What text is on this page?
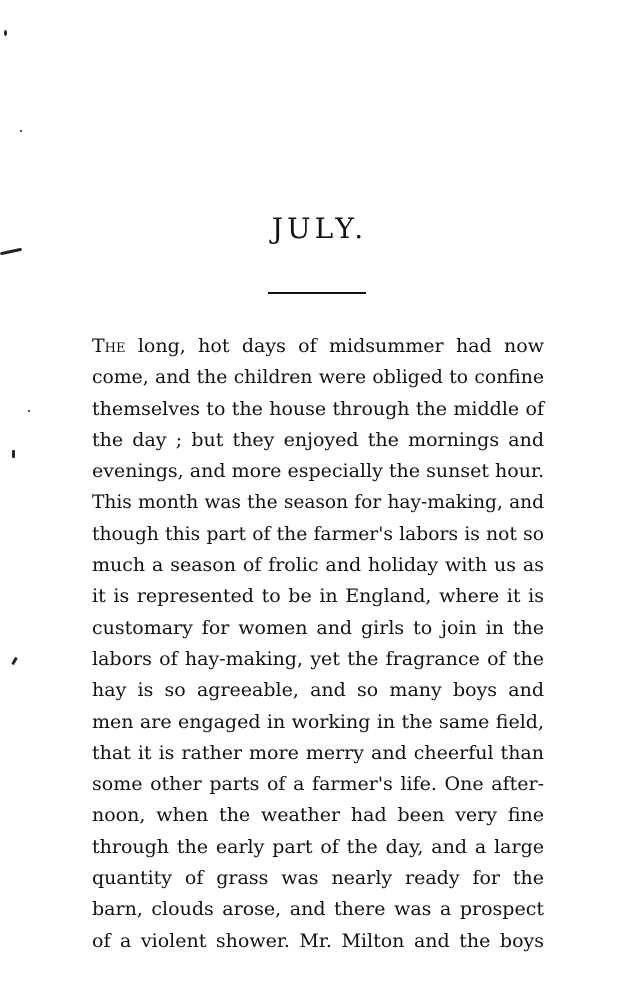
JULY.
The long, hot days of midsummer had now
come, and the children were obliged to confine
themselves to the house through the middle of
the day ; but they enjoyed the mornings and
evenings, and more especially the sunset hour.
This month was the season for hay-making, and
though this part of the farmer's labors is not so
much a season of frolic and holiday with us as
it is represented to be in England, where it is
customary for women and girls to join in the
labors of hay-making, yet the fragrance of the
hay is so agreeable, and so many boys and
men are engaged in working in the same field,
that it is rather more merry and cheerful than
some other parts of a farmer's life. One after-
noon, when the weather had been very fine
through the early part of the day, and a large
quantity of grass was nearly ready for the
barn, clouds arose, and there was a prospect
of a violent shower. Mr. Milton and the boys
